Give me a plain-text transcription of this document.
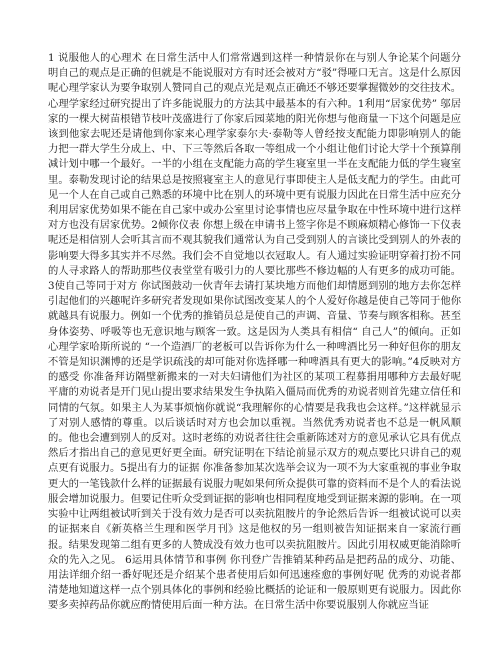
1 说服他人的心理术 在日常生活中人们常常遇到这样一种情景你在与别人争论某个问题分明自己的观点是正确的但就是不能说服对方有时还会被对方“驳”得哑口无言。这是什么原因呢心理学家认为要争取别人赞同自己的观点光是观点正确还不够还要掌握微妙的交往技术。心理学家经过研究提出了许多能说服力的方法其中最基本的有六种。1利用“居家优势” 邬居家的一棵大树苗根错节枝叶茂盛进行了你家后园菜地的阳光你想与他商量一下这个问题是应该到他家去呢还是请他到你家来心理学家泰尔夫·泰勒等人曾经按支配能力即影响别人的能力把一群大学生分成上、中、下三等然后各取一等组成一个小组让他们讨论大学十个预算削减计划中哪一个最好。一半的小组在支配能力高的学生寝室里一半在支配能力低的学生寝室里。泰勒发现讨论的结果总是按照寝室主人的意见行事即使主人是低支配力的学生。由此可见一个人在自己或自己熟悉的环境中比在别人的环境中更有说服力因此在日常生活中应充分利用居家优势如果不能在自己家中或办公室里讨论事情也应尽量争取在中性环境中进行这样对方也没有居家优势。2倾你仪表 你想上级在申请书上签字你是不顾麻烦精心修饰一下仪表呢还是相信别人会听其言而不观其貌我们通常认为自己受到别人的言谈比受到别人的外表的影响要大得多其实并不尽然。我们会不自觉地以衣冠取人。有人通过实验证明穿着打扮不同的人寻求路人的帮助那些仪表堂堂有吸引力的人要比那些不修边幅的人有更多的成功可能。3使自己等同于对方 你试图鼓动一伙青年去请打某块地方而他们却情愿到别的地方去你怎样引起他们的兴趣呢许多研究者发现如果你试图改变某人的个人爱好你越是使自己等同于他你就越具有说服力。例如一个优秀的推销员总是使自己的声调、音量、节奏与顾客相称。甚至身体姿势、呼吸等也无意识地与顾客一致。这是因为人类具有相信“ 自己人”的倾向。正如心理学家哈斯所说的 “一个造酒厂的老板可以告诉你为什么一种啤酒比另一种好但你的朋友不管是知识渊博的还是学识疏浅的却可能对你选择哪一种啤酒具有更大的影响。”4反映对方的感受 你准备拜访隔壁新搬来的一对夫妇请他们为社区的某项工程募捐用哪种方去最好呢平庸的劝说者是开门见山提出要求结果发生争执陷入僵局而优秀的劝说者则首先建立信任和同情的气氛。如果主人为某事烦恼你就说“我理解你的心情要是我我也会这样。”这样就显示了对别人感情的尊重。以后谈话时对方也会加以重视。当然优秀劝说者也不总是一帆风顺的。他也会遭到别人的反对。这时老练的劝说者往往会重新陈述对方的意见承认它具有优点然后才指出自己的意见更好更全面。研究证明在下结论前显示双方的观点要比只讲自己的观点更有说服力。5提出有力的证据 你准备参加某次选举会议为一项不为大家重视的事业争取更大的一笔钱款什么样的证据最有说服力呢如果何所众提供可靠的资料而不是个人的看法说服会增加说服力。但要记住听众受到证据的影响也相同程度地受到证据来源的影响。在一项实验中让两组被试听到关于没有效力是否可以卖抗阻胺片的争论然后告诉一组被试说可以卖的证据来自《新英格兰生理和医学月刊》这是他权的另一组则被告知证据来自一家流行画报。结果发现第二组有更多的人赞成没有效力也可以卖抗阻胺片。因此引用权威更能消除听众的先入之见。 6运用具体情节和事例 你刊登广告推销某种药品是把药品的成分、功能、用法详细介绍一番好呢还是介绍某个患者使用后如何迅速痊愈的事例好呢 优秀的劝说者都清楚地知道这样一点个别具体化的事例和经验比概括的论证和一般原则更有说服力。因此你要多卖掉药品你就应酌情使用后面一种方法。在日常生活中你要说服别人你就应当证
